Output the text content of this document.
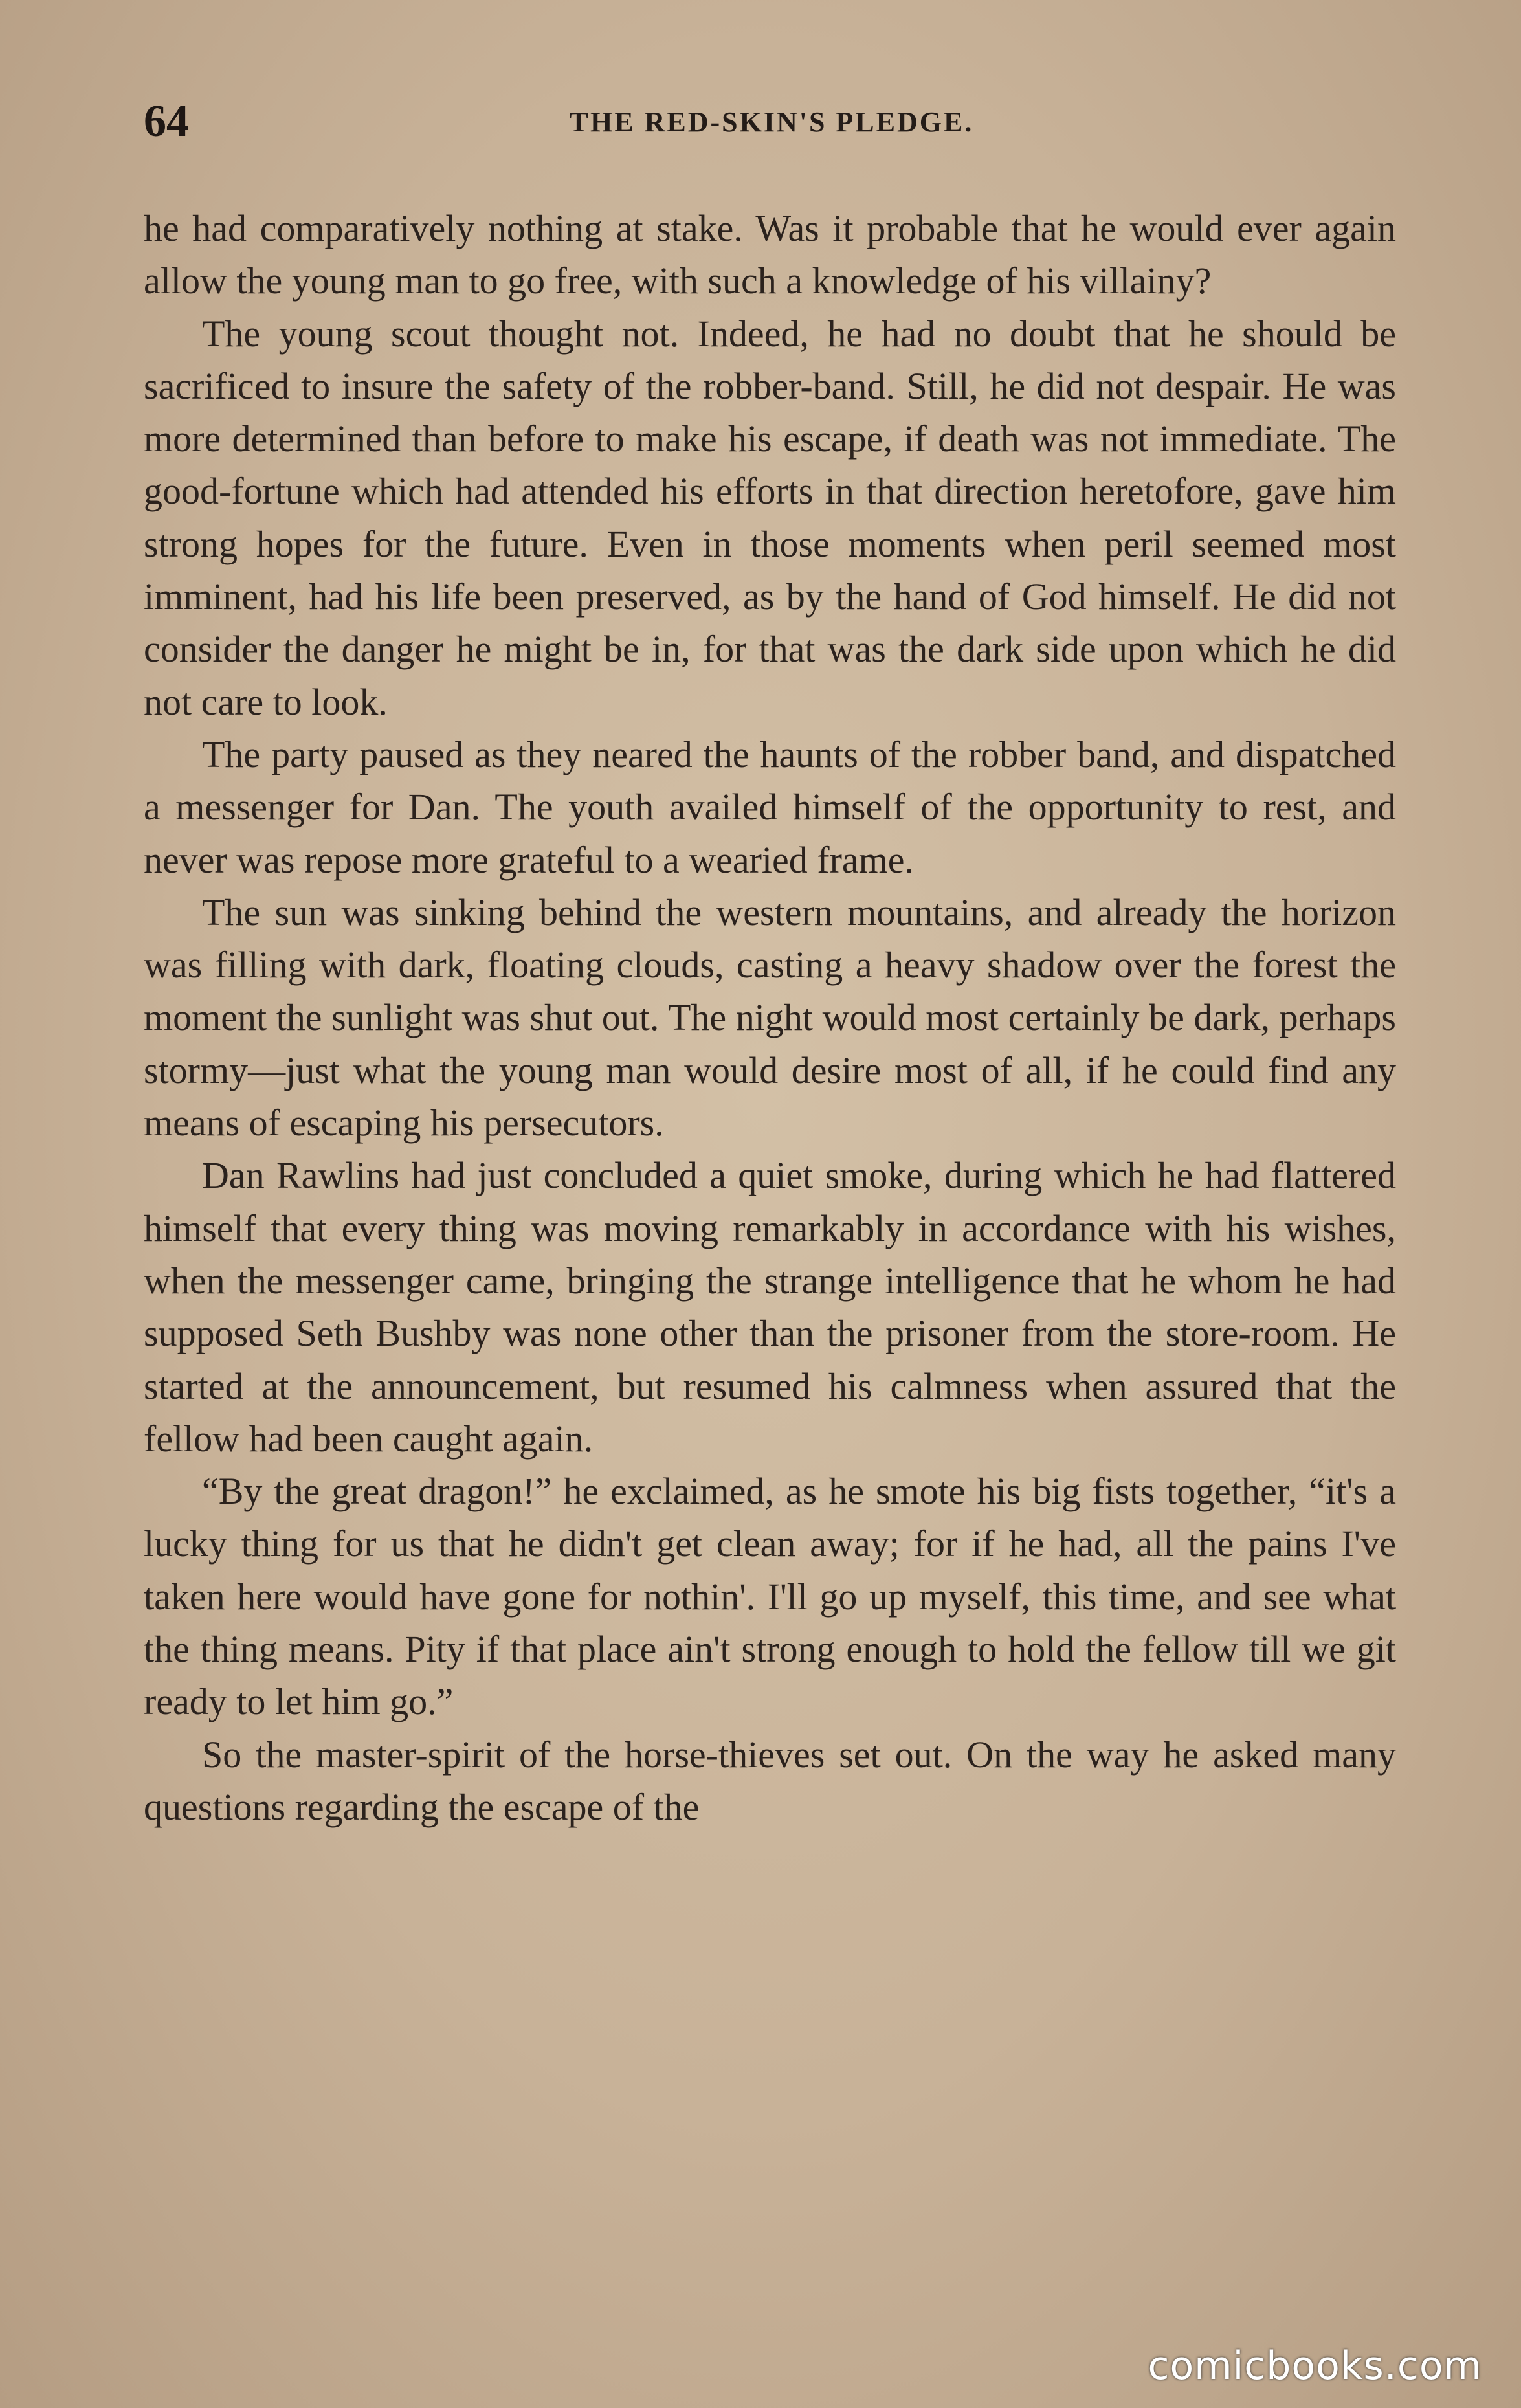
64	THE RED-SKIN'S PLEDGE.

he had comparatively nothing at stake. Was it probable that he would ever again allow the young man to go free, with such a knowledge of his villainy?

The young scout thought not. Indeed, he had no doubt that he should be sacrificed to insure the safety of the robber-band. Still, he did not despair. He was more determined than before to make his escape, if death was not immediate. The good-fortune which had attended his efforts in that direction heretofore, gave him strong hopes for the future. Even in those moments when peril seemed most imminent, had his life been preserved, as by the hand of God himself. He did not consider the danger he might be in, for that was the dark side upon which he did not care to look.

The party paused as they neared the haunts of the robber band, and dispatched a messenger for Dan. The youth availed himself of the opportunity to rest, and never was repose more grateful to a wearied frame.

The sun was sinking behind the western mountains, and already the horizon was filling with dark, floating clouds, casting a heavy shadow over the forest the moment the sunlight was shut out. The night would most certainly be dark, perhaps stormy—just what the young man would desire most of all, if he could find any means of escaping his persecutors.

Dan Rawlins had just concluded a quiet smoke, during which he had flattered himself that every thing was moving remarkably in accordance with his wishes, when the messenger came, bringing the strange intelligence that he whom he had supposed Seth Bushby was none other than the prisoner from the store-room. He started at the announcement, but resumed his calmness when assured that the fellow had been caught again.

“By the great dragon!” he exclaimed, as he smote his big fists together, “it's a lucky thing for us that he didn't get clean away; for if he had, all the pains I've taken here would have gone for nothin'. I'll go up myself, this time, and see what the thing means. Pity if that place ain't strong enough to hold the fellow till we git ready to let him go.”

So the master-spirit of the horse-thieves set out. On the way he asked many questions regarding the escape of the

comicbooks.com
